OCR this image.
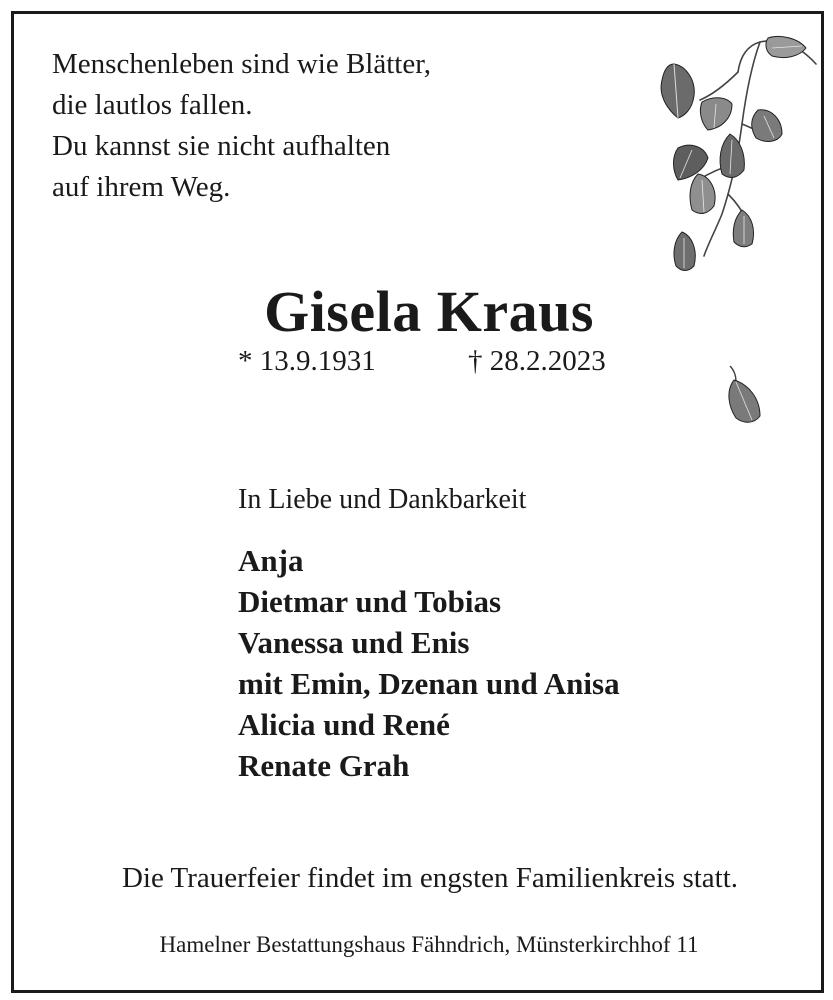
Menschenleben sind wie Blätter,
die lautlos fallen.
Du kannst sie nicht aufhalten
auf ihrem Weg.
Gisela Kraus
* 13.9.1931	† 28.2.2023
In Liebe und Dankbarkeit
Anja
Dietmar und Tobias
Vanessa und Enis
mit Emin, Dzenan und Anisa
Alicia und René
Renate Grah
Die Trauerfeier findet im engsten Familienkreis statt.
Hamelner Bestattungshaus Fähndrich, Münsterkirchhof 11
